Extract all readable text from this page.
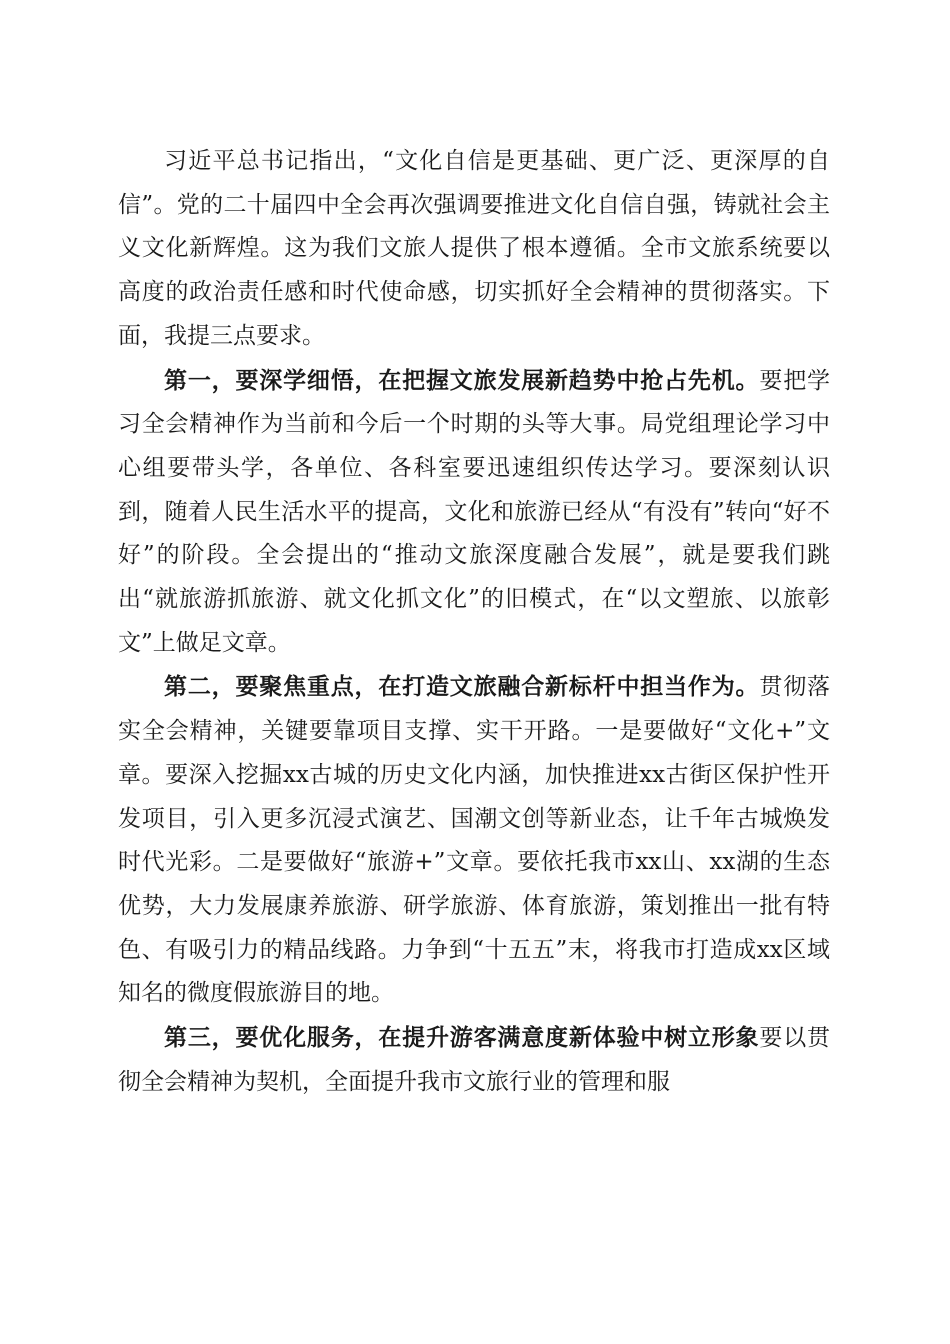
习近平总书记指出，“文化自信是更基础、更广泛、更深厚的自信”。党的二十届四中全会再次强调要推进文化自信自强，铸就社会主义文化新辉煌。这为我们文旅人提供了根本遵循。全市文旅系统要以高度的政治责任感和时代使命感，切实抓好全会精神的贯彻落实。下面，我提三点要求。

第一，要深学细悟，在把握文旅发展新趋势中抢占先机。要把学习全会精神作为当前和今后一个时期的头等大事。局党组理论学习中心组要带头学，各单位、各科室要迅速组织传达学习。要深刻认识到，随着人民生活水平的提高，文化和旅游已经从“有没有”转向“好不好”的阶段。全会提出的“推动文旅深度融合发展”，就是要我们跳出“就旅游抓旅游、就文化抓文化”的旧模式，在“以文塑旅、以旅彰文”上做足文章。

第二，要聚焦重点，在打造文旅融合新标杆中担当作为。贯彻落实全会精神，关键要靠项目支撑、实干开路。一是要做好“文化+”文章。要深入挖掘xx古城的历史文化内涵，加快推进xx古街区保护性开发项目，引入更多沉浸式演艺、国潮文创等新业态，让千年古城焕发时代光彩。二是要做好“旅游+”文章。要依托我市xx山、xx湖的生态优势，大力发展康养旅游、研学旅游、体育旅游，策划推出一批有特色、有吸引力的精品线路。力争到“十五五”末，将我市打造成xx区域知名的微度假旅游目的地。

第三，要优化服务，在提升游客满意度新体验中树立形象要以贯彻全会精神为契机，全面提升我市文旅行业的管理和服
